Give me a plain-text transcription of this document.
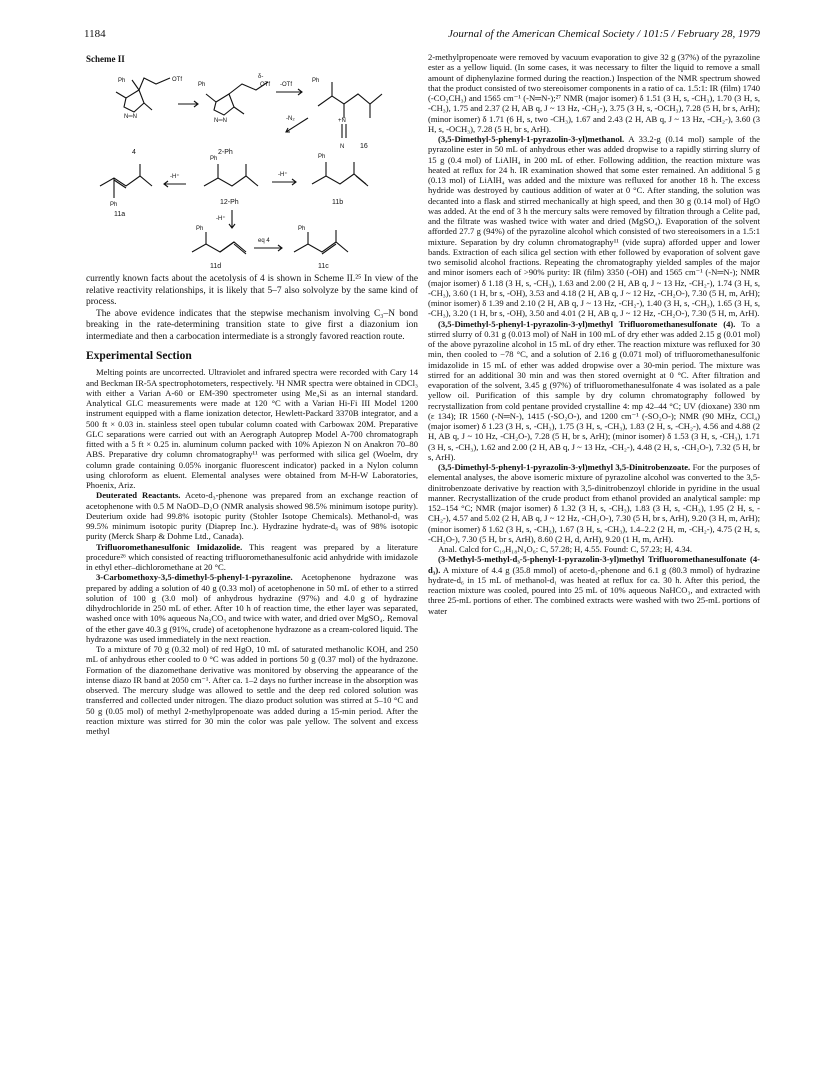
1184	Journal of the American Chemical Society / 101:5 / February 28, 1979
Scheme II
Ph	OTf
N═N
4
Ph
δ-
OTf
N═N
2-Ph
-OTf
Ph
+N
N 16
-N₂
Ph
11a
-H⁺
Ph
12-Ph
-H⁺
Ph
11b
-H⁺
Ph
11d
eq 4
Ph
11c

currently known facts about the acetolysis of 4 is shown in Scheme II.²⁵ In view of the relative reactivity relationships, it is likely that 5–7 also solvolyze by the same kind of process.

The above evidence indicates that the stepwise mechanism involving C₃–N bond breaking in the rate-determining transition state to give first a diazonium ion intermediate and then a carbocation intermediate is a strongly favored reaction route.

Experimental Section

Melting points are uncorrected. Ultraviolet and infrared spectra were recorded with Cary 14 and Beckman IR-5A spectrophotometers, respectively. ¹H NMR spectra were obtained in CDCl₃ with either a Varian A-60 or EM-390 spectrometer using Me₄Si as an internal standard. Analytical GLC measurements were made at 120 °C with a Varian Hi-Fi III Model 1200 instrument equipped with a flame ionization detector, Hewlett-Packard 3370B integrator, and a 500 ft × 0.03 in. stainless steel open tubular column coated with Carbowax 20M. Preparative GLC separations were carried out with an Aerograph Autoprep Model A-700 chromatograph fitted with a 5 ft × 0.25 in. aluminum column packed with 10% Apiezon N on Anakron 70–80 ABS. Preparative dry column chromatography¹¹ was performed with silica gel (Woelm, dry column grade containing 0.05% inorganic fluorescent indicator) packed in a Nylon column using chloroform as eluent. Elemental analyses were obtained from M-H-W Laboratories, Phoenix, Ariz.

Deuterated Reactants. Aceto-d₃-phenone was prepared from an exchange reaction of acetophenone with 0.5 M NaOD–D₂O (NMR analysis showed 98.5% minimum isotope purity). Deuterium oxide had 99.8% isotopic purity (Stohler Isotope Chemicals). Methanol-d₁ was 99.5% minimum isotopic purity (Diaprep Inc.). Hydrazine hydrate-d₆ was of 98% isotopic purity (Merck Sharp & Dohme Ltd., Canada).

Trifluoromethanesulfonic Imidazolide. This reagent was prepared by a literature procedure²⁶ which consisted of reacting trifluoromethanesulfonic acid anhydride with imidazole in ethyl ether–dichloromethane at 20 °C.

3-Carbomethoxy-3,5-dimethyl-5-phenyl-1-pyrazoline. Acetophenone hydrazone was prepared by adding a solution of 40 g (0.33 mol) of acetophenone in 50 mL of ether to a stirred solution of 100 g (3.0 mol) of anhydrous hydrazine (97%) and 4.0 g of hydrazine dihydrochloride in 250 mL of ether. After 10 h of reaction time, the ether layer was separated, washed once with 10% aqueous Na₂CO₃ and twice with water, and dried over MgSO₄. Removal of the ether gave 40.3 g (91%, crude) of acetophenone hydrazone as a cream-colored liquid. The hydrazone was used immediately in the next reaction.

To a mixture of 70 g (0.32 mol) of red HgO, 10 mL of saturated methanolic KOH, and 250 mL of anhydrous ether cooled to 0 °C was added in portions 50 g (0.37 mol) of the hydrazone. Formation of the diazomethane derivative was monitored by observing the appearance of the intense diazo IR band at 2050 cm⁻¹. After ca. 1–2 days no further increase in the absorption was observed. The mercury sludge was allowed to settle and the deep red colored solution was transferred and collected under nitrogen. The diazo product solution was stirred at 5–10 °C and 50 g (0.05 mol) of methyl 2-methylpropenoate was added during a 15-min period. After the reaction mixture was stirred for 30 min the color was pale yellow. The solvent and excess methyl

2-methylpropenoate were removed by vacuum evaporation to give 32 g (37%) of the pyrazoline ester as a yellow liquid. (In some cases, it was necessary to filter the liquid to remove a small amount of diphenylazine formed during the reaction.) Inspection of the NMR spectrum showed that the product consisted of two stereoisomer components in a ratio of ca. 1.5:1: IR (film) 1740 (-CO₂CH₃) and 1565 cm⁻¹ (-N═N-);²⁷ NMR (major isomer) δ 1.51 (3 H, s, -CH₃), 1.70 (3 H, s, -CH₃), 1.75 and 2.37 (2 H, AB q, J ~ 13 Hz, -CH₂-), 3.75 (3 H, s, -OCH₃), 7.28 (5 H, br s, ArH); (minor isomer) δ 1.71 (6 H, s, two -CH₃), 1.67 and 2.43 (2 H, AB q, J ~ 13 Hz, -CH₂-), 3.60 (3 H, s, -OCH₃), 7.28 (5 H, br s, ArH).

(3,5-Dimethyl-5-phenyl-1-pyrazolin-3-yl)methanol. A 33.2-g (0.14 mol) sample of the pyrazoline ester in 50 mL of anhydrous ether was added dropwise to a rapidly stirring slurry of 15 g (0.4 mol) of LiAlH₄ in 200 mL of ether. Following addition, the reaction mixture was heated at reflux for 24 h. IR examination showed that some ester remained. An additional 5 g (0.13 mol) of LiAlH₄ was added and the mixture was refluxed for another 18 h. The excess hydride was destroyed by cautious addition of water at 0 °C. After standing, the solution was decanted into a flask and stirred mechanically at high speed, and then 30 g (0.14 mol) of HgO was added. At the end of 3 h the mercury salts were removed by filtration through a Celite pad, and the filtrate was washed twice with water and dried (MgSO₄). Evaporation of the solvent afforded 27.7 g (94%) of the pyrazoline alcohol which consisted of two stereoisomers in a 1.5:1 mixture. Separation by dry column chromatography¹¹ (vide supra) afforded upper and lower bands. Extraction of each silica gel section with ether followed by evaporation of solvent gave two semisolid alcohol fractions. Repeating the chromatography yielded samples of the major and minor isomers each of >90% purity: IR (film) 3350 (-OH) and 1565 cm⁻¹ (-N═N-); NMR (major isomer) δ 1.18 (3 H, s, -CH₃), 1.63 and 2.00 (2 H, AB q, J ~ 13 Hz, -CH₂-), 1.74 (3 H, s, -CH₃), 3.60 (1 H, br s, -OH), 3.53 and 4.18 (2 H, AB q, J ~ 12 Hz, -CH₂O-), 7.30 (5 H, m, ArH); (minor isomer) δ 1.39 and 2.10 (2 H, AB q, J ~ 13 Hz, -CH₂-), 1.40 (3 H, s, -CH₃), 1.65 (3 H, s, -CH₃), 3.20 (1 H, br s, -OH), 3.50 and 4.01 (2 H, AB q, J ~ 12 Hz, -CH₂O-), 7.30 (5 H, m, ArH).

(3,5-Dimethyl-5-phenyl-1-pyrazolin-3-yl)methyl Trifluoromethanesulfonate (4). To a stirred slurry of 0.31 g (0.013 mol) of NaH in 100 mL of dry ether was added 2.15 g (0.01 mol) of the above pyrazoline alcohol in 15 mL of dry ether. The reaction mixture was refluxed for 30 min, then cooled to −78 °C, and a solution of 2.16 g (0.071 mol) of trifluoromethanesulfonic imidazolide in 15 mL of ether was added dropwise over a 30-min period. The mixture was stirred for an additional 30 min and was then stored overnight at 0 °C. After filtration and evaporation of the solvent, 3.45 g (97%) of trifluoromethanesulfonate 4 was isolated as a pale yellow oil. Purification of this sample by dry column chromatography followed by recrystallization from cold pentane provided crystalline 4: mp 42–44 °C; UV (dioxane) 330 nm (ε 134); IR 1560 (-N═N-), 1415 (-SO₂O-), and 1200 cm⁻¹ (-SO₂O-); NMR (90 MHz, CCl₄) (major isomer) δ 1.23 (3 H, s, -CH₃), 1.75 (3 H, s, -CH₃), 1.83 (2 H, s, -CH₂-), 4.56 and 4.88 (2 H, AB q, J ~ 10 Hz, -CH₂O-), 7.28 (5 H, br s, ArH); (minor isomer) δ 1.53 (3 H, s, -CH₃), 1.71 (3 H, s, -CH₃), 1.62 and 2.00 (2 H, AB q, J ~ 13 Hz, -CH₂-), 4.48 (2 H, s, -CH₂O-), 7.32 (5 H, br s, ArH).

(3,5-Dimethyl-5-phenyl-1-pyrazolin-3-yl)methyl 3,5-Dinitrobenzoate. For the purposes of elemental analyses, the above isomeric mixture of pyrazoline alcohol was converted to the 3,5-dinitrobenzoate derivative by reaction with 3,5-dinitrobenzoyl chloride in pyridine in the usual manner. Recrystallization of the crude product from ethanol provided an analytical sample: mp 152–154 °C; NMR (major isomer) δ 1.32 (3 H, s, -CH₃), 1.83 (3 H, s, -CH₃), 1.95 (2 H, s, -CH₂-), 4.57 and 5.02 (2 H, AB q, J ~ 12 Hz, -CH₂O-), 7.30 (5 H, br s, ArH), 9.20 (3 H, m, ArH); (minor isomer) δ 1.62 (3 H, s, -CH₃), 1.67 (3 H, s, -CH₃), 1.4–2.2 (2 H, m, -CH₂-), 4.75 (2 H, s, -CH₂O-), 7.30 (5 H, br s, ArH), 8.60 (2 H, d, ArH), 9.20 (1 H, m, ArH).

Anal. Calcd for C₁₉H₁₈N₄O₆: C, 57.28; H, 4.55. Found: C, 57.23; H, 4.34.

(3-Methyl-5-methyl-d₃-5-phenyl-1-pyrazolin-3-yl)methyl Trifluoromethanesulfonate (4-d₃). A mixture of 4.4 g (35.8 mmol) of aceto-d₃-phenone and 6.1 g (80.3 mmol) of hydrazine hydrate-d₆ in 15 mL of methanol-d₁ was heated at reflux for ca. 30 h. After this period, the reaction mixture was cooled, poured into 25 mL of 10% aqueous NaHCO₃, and extracted with three 25-mL portions of ether. The combined extracts were washed with two 25-mL portions of water
